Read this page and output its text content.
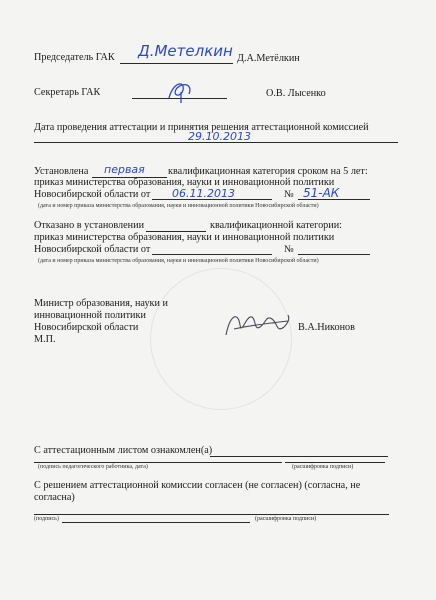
Председатель ГАК Д.Метелкин Д.А.Метёлкин
Секретарь ГАК	О.В. Лысенко
Дата проведения аттестации и принятия решения аттестационной комиссией
29.10.2013
Установлена первая квалификационная категория сроком на 5 лет:
приказ министерства образования, науки и инновационной политики
Новосибирской области от 06.11.2013	№ 51-АК
(дата и номер приказа министерства образования, науки и инновационной политики Новосибирской области)
Отказано в установлении	квалификационной категории:
приказ министерства образования, науки и инновационной политики
Новосибирской области от	№
(дата и номер приказа министерства образования, науки и инновационной политики Новосибирской области)
Министр образования, науки и
инновационной политики
Новосибирской области
М.П.
В.А.Никонов
С аттестационным листом ознакомлен(а)
(подпись педагогического работника, дата)	(расшифровка подписи)
С решением аттестационной комиссии согласен (не согласен) (согласна, не
согласна)
(подпись)	(расшифровка подписи)
